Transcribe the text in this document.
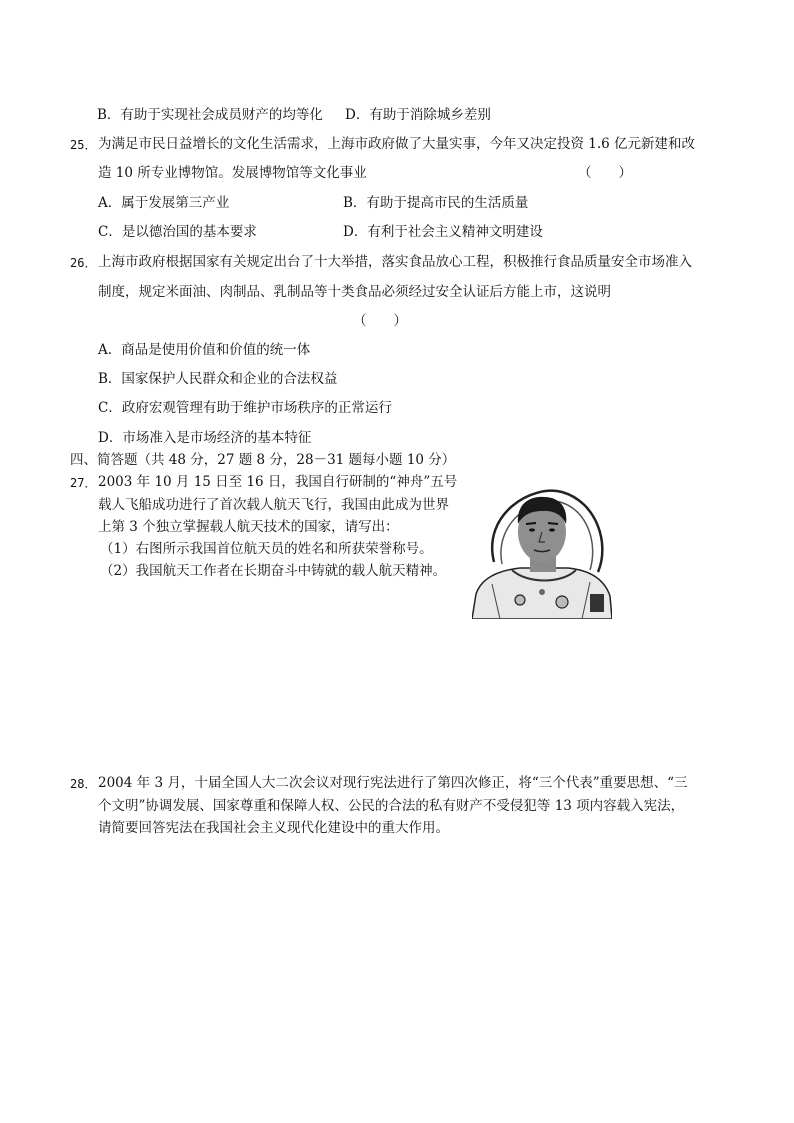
B．有助于实现社会成员财产的均等化 D．有助于消除城乡差别
25． 为满足市民日益增长的文化生活需求，上海市政府做了大量实事，今年又决定投资 1.6 亿元新建和改
造 10 所专业博物馆。发展博物馆等文化事业	（　　）
A．属于发展第三产业	B．有助于提高市民的生活质量
C．是以德治国的基本要求	D．有利于社会主义精神文明建设
26． 上海市政府根据国家有关规定出台了十大举措，落实食品放心工程，积极推行食品质量安全市场准入
制度，规定米面油、肉制品、乳制品等十类食品必须经过安全认证后方能上市，这说明
（　　）
A．商品是使用价值和价值的统一体
B．国家保护人民群众和企业的合法权益
C．政府宏观管理有助于维护市场秩序的正常运行
D．市场准入是市场经济的基本特征
四、简答题（共 48 分，27 题 8 分，28－31 题每小题 10 分）
27． 2003 年 10 月 15 日至 16 日，我国自行研制的“神舟”五号
载人飞船成功进行了首次载人航天飞行，我国由此成为世界
上第 3 个独立掌握载人航天技术的国家，请写出：
（1）右图所示我国首位航天员的姓名和所获荣誉称号。
（2）我国航天工作者在长期奋斗中铸就的载人航天精神。
28． 2004 年 3 月，十届全国人大二次会议对现行宪法进行了第四次修正，将“三个代表”重要思想、“三
个文明”协调发展、国家尊重和保障人权、公民的合法的私有财产不受侵犯等 13 项内容载入宪法，
请简要回答宪法在我国社会主义现代化建设中的重大作用。
